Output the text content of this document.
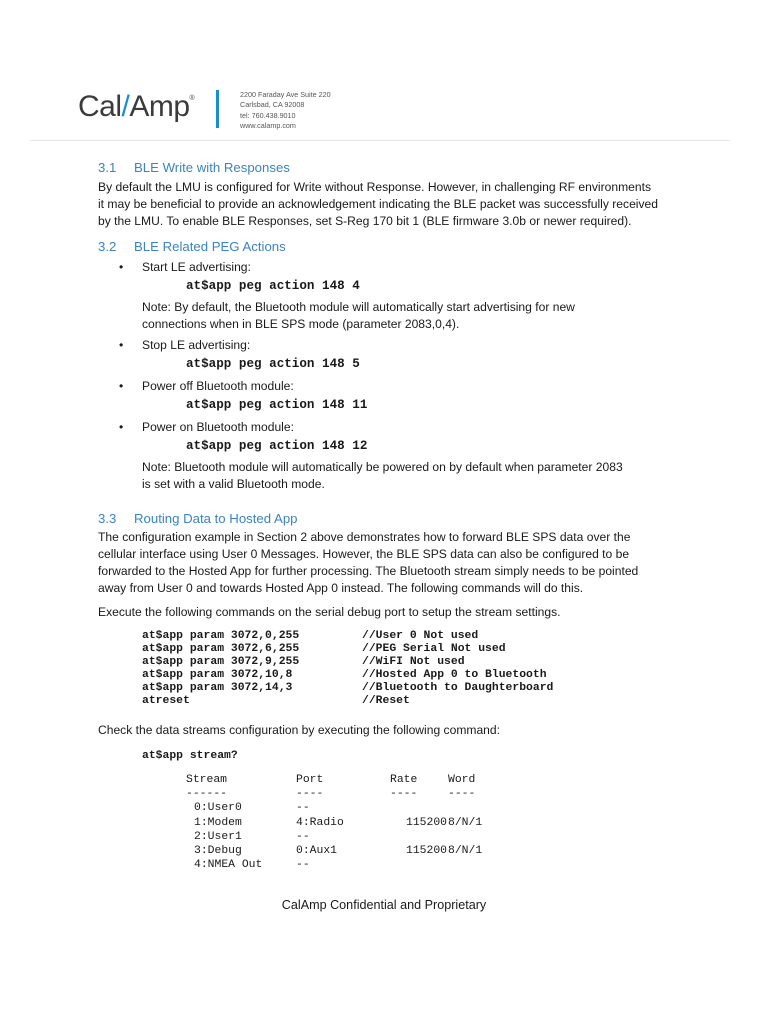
Cal/Amp®	2200 Faraday Ave Suite 220
Carlsbad, CA 92008
tel: 760.438.9010
www.calamp.com
3.1 BLE Write with Responses
By default the LMU is configured for Write without Response. However, in challenging RF environments
it may be beneficial to provide an acknowledgement indicating the BLE packet was successfully received
by the LMU. To enable BLE Responses, set S-Reg 170 bit 1 (BLE firmware 3.0b or newer required).
3.2 BLE Related PEG Actions
• Start LE advertising:
at$app peg action 148 4
Note: By default, the Bluetooth module will automatically start advertising for new
connections when in BLE SPS mode (parameter 2083,0,4).
• Stop LE advertising:
at$app peg action 148 5
• Power off Bluetooth module:
at$app peg action 148 11
• Power on Bluetooth module:
at$app peg action 148 12
Note: Bluetooth module will automatically be powered on by default when parameter 2083
is set with a valid Bluetooth mode.
3.3 Routing Data to Hosted App
The configuration example in Section 2 above demonstrates how to forward BLE SPS data over the
cellular interface using User 0 Messages. However, the BLE SPS data can also be configured to be
forwarded to the Hosted App for further processing. The Bluetooth stream simply needs to be pointed
away from User 0 and towards Hosted App 0 instead. The following commands will do this.
Execute the following commands on the serial debug port to setup the stream settings.
at$app param 3072,0,255	//User 0 Not used
at$app param 3072,6,255	//PEG Serial Not used
at$app param 3072,9,255	//WiFI Not used
at$app param 3072,10,8	//Hosted App 0 to Bluetooth
at$app param 3072,14,3	//Bluetooth to Daughterboard
atreset	//Reset
Check the data streams configuration by executing the following command:
at$app stream?
Stream	Port	Rate	Word
------	----	----	----
0:User0	--		
1:Modem	4:Radio	115200	8/N/1
2:User1	--		
3:Debug	0:Aux1	115200	8/N/1
4:NMEA Out	--		
CalAmp Confidential and Proprietary
